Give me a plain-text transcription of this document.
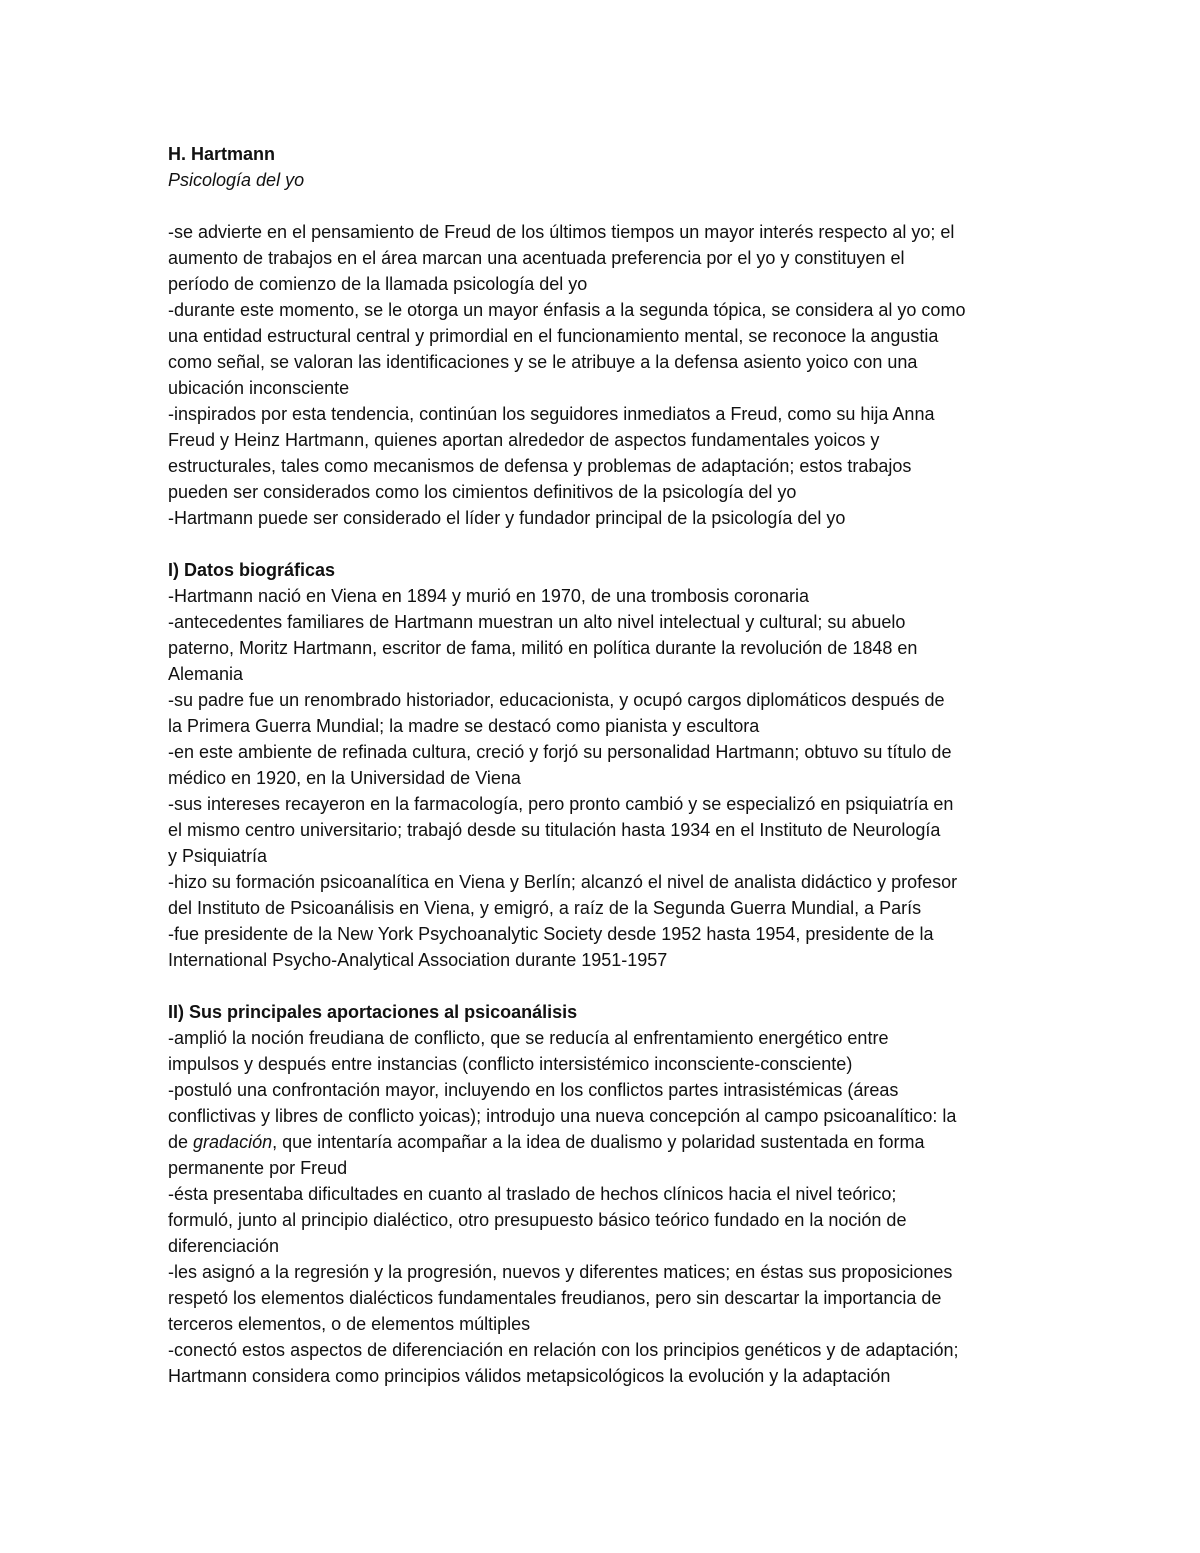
H. Hartmann
Psicología del yo
-se advierte en el pensamiento de Freud de los últimos tiempos un mayor interés respecto al yo; el
aumento de trabajos en el área marcan una acentuada preferencia por el yo y constituyen el
período de comienzo de la llamada psicología del yo
-durante este momento, se le otorga un mayor énfasis a la segunda tópica, se considera al yo como
una entidad estructural central y primordial en el funcionamiento mental, se reconoce la angustia
como señal, se valoran las identificaciones y se le atribuye a la defensa asiento yoico con una
ubicación inconsciente
-inspirados por esta tendencia, continúan los seguidores inmediatos a Freud, como su hija Anna
Freud y Heinz Hartmann, quienes aportan alrededor de aspectos fundamentales yoicos y
estructurales, tales como mecanismos de defensa y problemas de adaptación; estos trabajos
pueden ser considerados como los cimientos definitivos de la psicología del yo
-Hartmann puede ser considerado el líder y fundador principal de la psicología del yo
I) Datos biográficas
-Hartmann nació en Viena en 1894 y murió en 1970, de una trombosis coronaria
-antecedentes familiares de Hartmann muestran un alto nivel intelectual y cultural; su abuelo
paterno, Moritz Hartmann, escritor de fama, militó en política durante la revolución de 1848 en
Alemania
-su padre fue un renombrado historiador, educacionista, y ocupó cargos diplomáticos después de
la Primera Guerra Mundial; la madre se destacó como pianista y escultora
-en este ambiente de refinada cultura, creció y forjó su personalidad Hartmann; obtuvo su título de
médico en 1920, en la Universidad de Viena
-sus intereses recayeron en la farmacología, pero pronto cambió y se especializó en psiquiatría en
el mismo centro universitario; trabajó desde su titulación hasta 1934 en el Instituto de Neurología
y Psiquiatría
-hizo su formación psicoanalítica en Viena y Berlín; alcanzó el nivel de analista didáctico y profesor
del Instituto de Psicoanálisis en Viena, y emigró, a raíz de la Segunda Guerra Mundial, a París
-fue presidente de la New York Psychoanalytic Society desde 1952 hasta 1954, presidente de la
International Psycho-Analytical Association durante 1951-1957
II) Sus principales aportaciones al psicoanálisis
-amplió la noción freudiana de conflicto, que se reducía al enfrentamiento energético entre
impulsos y después entre instancias (conflicto intersistémico inconsciente-consciente)
-postuló una confrontación mayor, incluyendo en los conflictos partes intrasistémicas (áreas
conflictivas y libres de conflicto yoicas); introdujo una nueva concepción al campo psicoanalítico: la
de gradación, que intentaría acompañar a la idea de dualismo y polaridad sustentada en forma
permanente por Freud
-ésta presentaba dificultades en cuanto al traslado de hechos clínicos hacia el nivel teórico;
formuló, junto al principio dialéctico, otro presupuesto básico teórico fundado en la noción de
diferenciación
-les asignó a la regresión y la progresión, nuevos y diferentes matices; en éstas sus proposiciones
respetó los elementos dialécticos fundamentales freudianos, pero sin descartar la importancia de
terceros elementos, o de elementos múltiples
-conectó estos aspectos de diferenciación en relación con los principios genéticos y de adaptación;
Hartmann considera como principios válidos metapsicológicos la evolución y la adaptación
